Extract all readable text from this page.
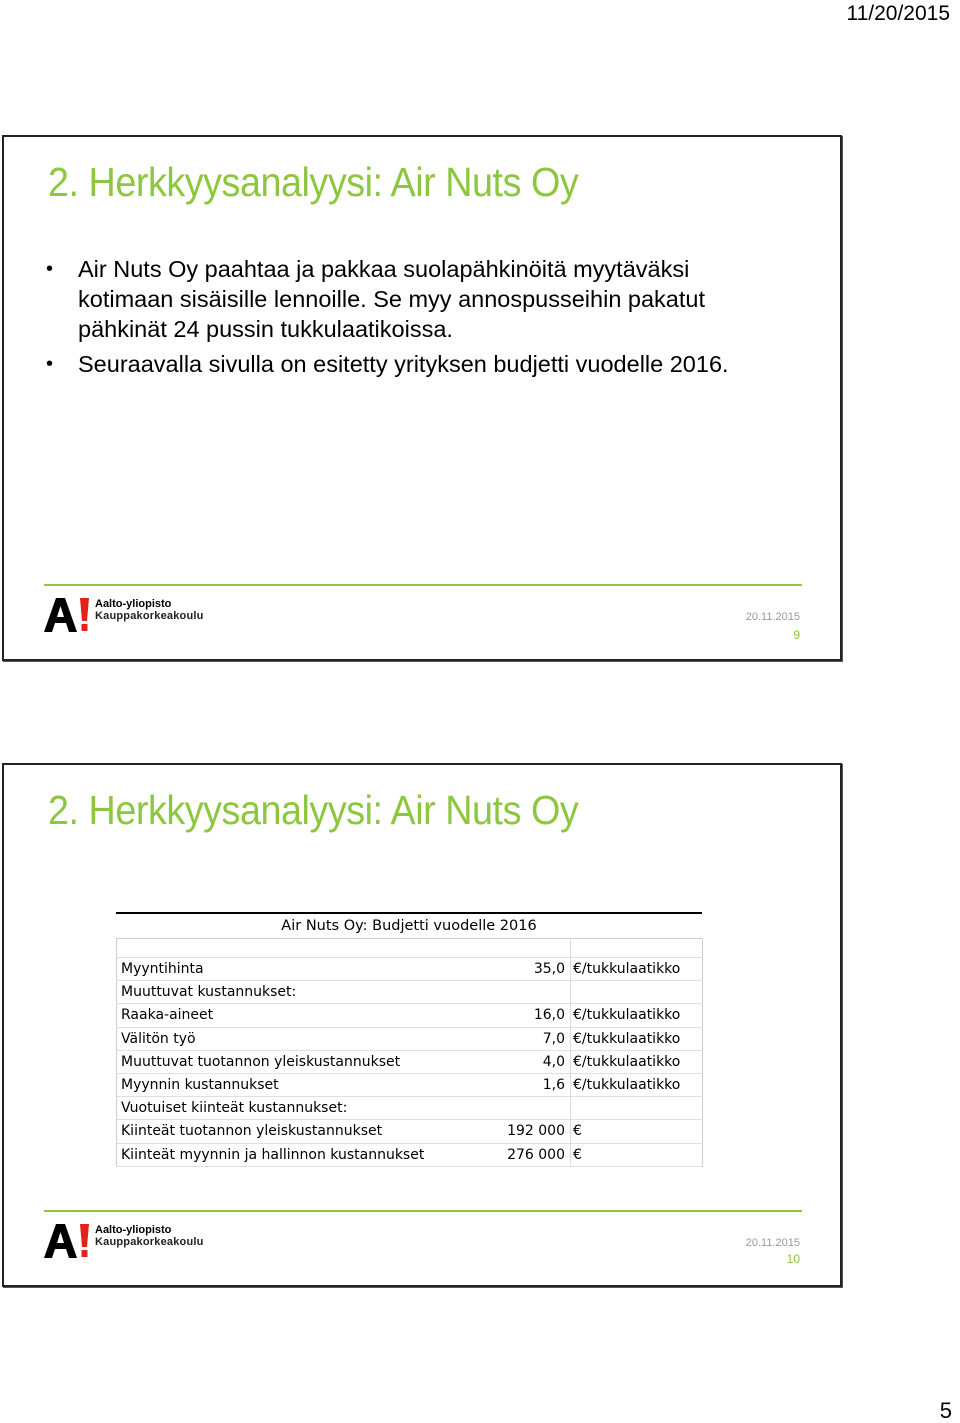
11/20/2015
2. Herkkyysanalyysi: Air Nuts Oy
• Air Nuts Oy paahtaa ja pakkaa suolapähkinöitä myytäväksi kotimaan sisäisille lennoille. Se myy annospusseihin pakatut pähkinät 24 pussin tukkulaatikoissa.
• Seuraavalla sivulla on esitetty yrityksen budjetti vuodelle 2016.
Aalto-yliopisto
Kauppakorkeakoulu	20.11.2015
9
2. Herkkyysanalyysi: Air Nuts Oy
Air Nuts Oy: Budjetti vuodelle 2016

Myyntihinta	35,0	€/tukkulaatikko
Muuttuvat kustannukset:		
Raaka-aineet	16,0	€/tukkulaatikko
Välitön työ	7,0	€/tukkulaatikko
Muuttuvat tuotannon yleiskustannukset	4,0	€/tukkulaatikko
Myynnin kustannukset	1,6	€/tukkulaatikko
Vuotuiset kiinteät kustannukset:		
Kiinteät tuotannon yleiskustannukset	192 000	€
Kiinteät myynnin ja hallinnon kustannukset	276 000	€
Aalto-yliopisto
Kauppakorkeakoulu	20.11.2015
10
5
